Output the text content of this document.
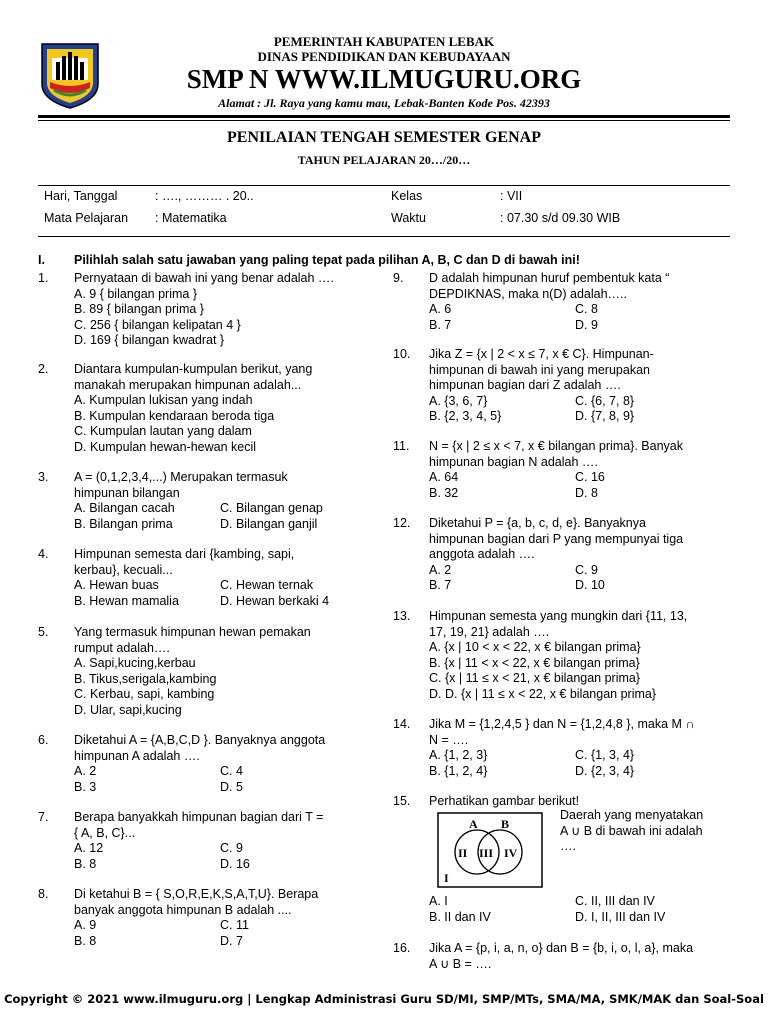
PEMERINTAH KABUPATEN LEBAK
DINAS PENDIDIKAN DAN KEBUDAYAAN
SMP N WWW.ILMUGURU.ORG
Alamat : Jl. Raya yang kamu mau, Lebak-Banten Kode Pos. 42393
PENILAIAN TENGAH SEMESTER GENAP
TAHUN PELAJARAN 20…/20…
Hari, Tanggal	: …., ……… . 20..	Kelas	: VII
Mata Pelajaran : Matematika	Waktu	: 07.30 s/d 09.30 WIB
I. Pilihlah salah satu jawaban yang paling tepat pada pilihan A, B, C dan D di bawah ini!
1. Pernyataan di bawah ini yang benar adalah ….
A. 9 { bilangan prima }
B. 89 { bilangan prima }
C. 256 { bilangan kelipatan 4 }
D. 169 { bilangan kwadrat }
2. Diantara kumpulan-kumpulan berikut, yang
manakah merupakan himpunan adalah...
A. Kumpulan lukisan yang indah
B. Kumpulan kendaraan beroda tiga
C. Kumpulan lautan yang dalam
D. Kumpulan hewan-hewan kecil
3. A = (0,1,2,3,4,...) Merupakan termasuk
himpunan bilangan
A. Bilangan cacah	C. Bilangan genap
B. Bilangan prima	D. Bilangan ganjil
4. Himpunan semesta dari {kambing, sapi,
kerbau}, kecuali...
A. Hewan buas	C. Hewan ternak
B. Hewan mamalia	D. Hewan berkaki 4
5. Yang termasuk himpunan hewan pemakan
rumput adalah….
A. Sapi,kucing,kerbau
B. Tikus,serigala,kambing
C. Kerbau, sapi, kambing
D. Ular, sapi,kucing
6. Diketahui A = {A,B,C,D }. Banyaknya anggota
himpunan A adalah ….
A. 2	C. 4
B. 3	D. 5
7. Berapa banyakkah himpunan bagian dari T =
{ A, B, C}...
A. 12	C. 9
B. 8	D. 16
8. Di ketahui B = { S,O,R,E,K,S,A,T,U}. Berapa
banyak anggota himpunan B adalah ....
A. 9	C. 11
B. 8	D. 7
9. D adalah himpunan huruf pembentuk kata “
DEPDIKNAS, maka n(D) adalah…..
A. 6	C. 8
B. 7	D. 9
10. Jika Z = {x | 2 < x ≤ 7, x € C}. Himpunan-
himpunan di bawah ini yang merupakan
himpunan bagian dari Z adalah ….
A. {3, 6, 7}	C. {6, 7, 8}
B. {2, 3, 4, 5}	D. {7, 8, 9}
11. N = {x | 2 ≤ x < 7, x € bilangan prima}. Banyak
himpunan bagian N adalah ….
A. 64	C. 16
B. 32	D. 8
12. Diketahui P = {a, b, c, d, e}. Banyaknya
himpunan bagian dari P yang mempunyai tiga
anggota adalah ….
A. 2	C. 9
B. 7	D. 10
13. Himpunan semesta yang mungkin dari {11, 13,
17, 19, 21} adalah ….
A. {x | 10 < x < 22, x € bilangan prima}
B. {x | 11 < x < 22, x € bilangan prima}
C. {x | 11 ≤ x < 21, x € bilangan prima}
D. D. {x | 11 ≤ x < 22, x € bilangan prima}
14. Jika M = {1,2,4,5 } dan N = {1,2,4,8 }, maka M ∩
N = ….
A. {1, 2, 3}	C. {1, 3, 4}
B. {1, 2, 4}	D. {2, 3, 4}
15. Perhatikan gambar berikut!
A B
II III IV
I
Daerah yang menyatakan
A ∪ B di bawah ini adalah
….
A. I	C. II, III dan IV
B. II dan IV	D. I, II, III dan IV
16. Jika A = {p, i, a, n, o} dan B = {b, i, o, l, a}, maka
A ∪ B = ….
Copyright © 2021 www.ilmuguru.org | Lengkap Administrasi Guru SD/MI, SMP/MTs, SMA/MA, SMK/MAK dan Soal-Soal
